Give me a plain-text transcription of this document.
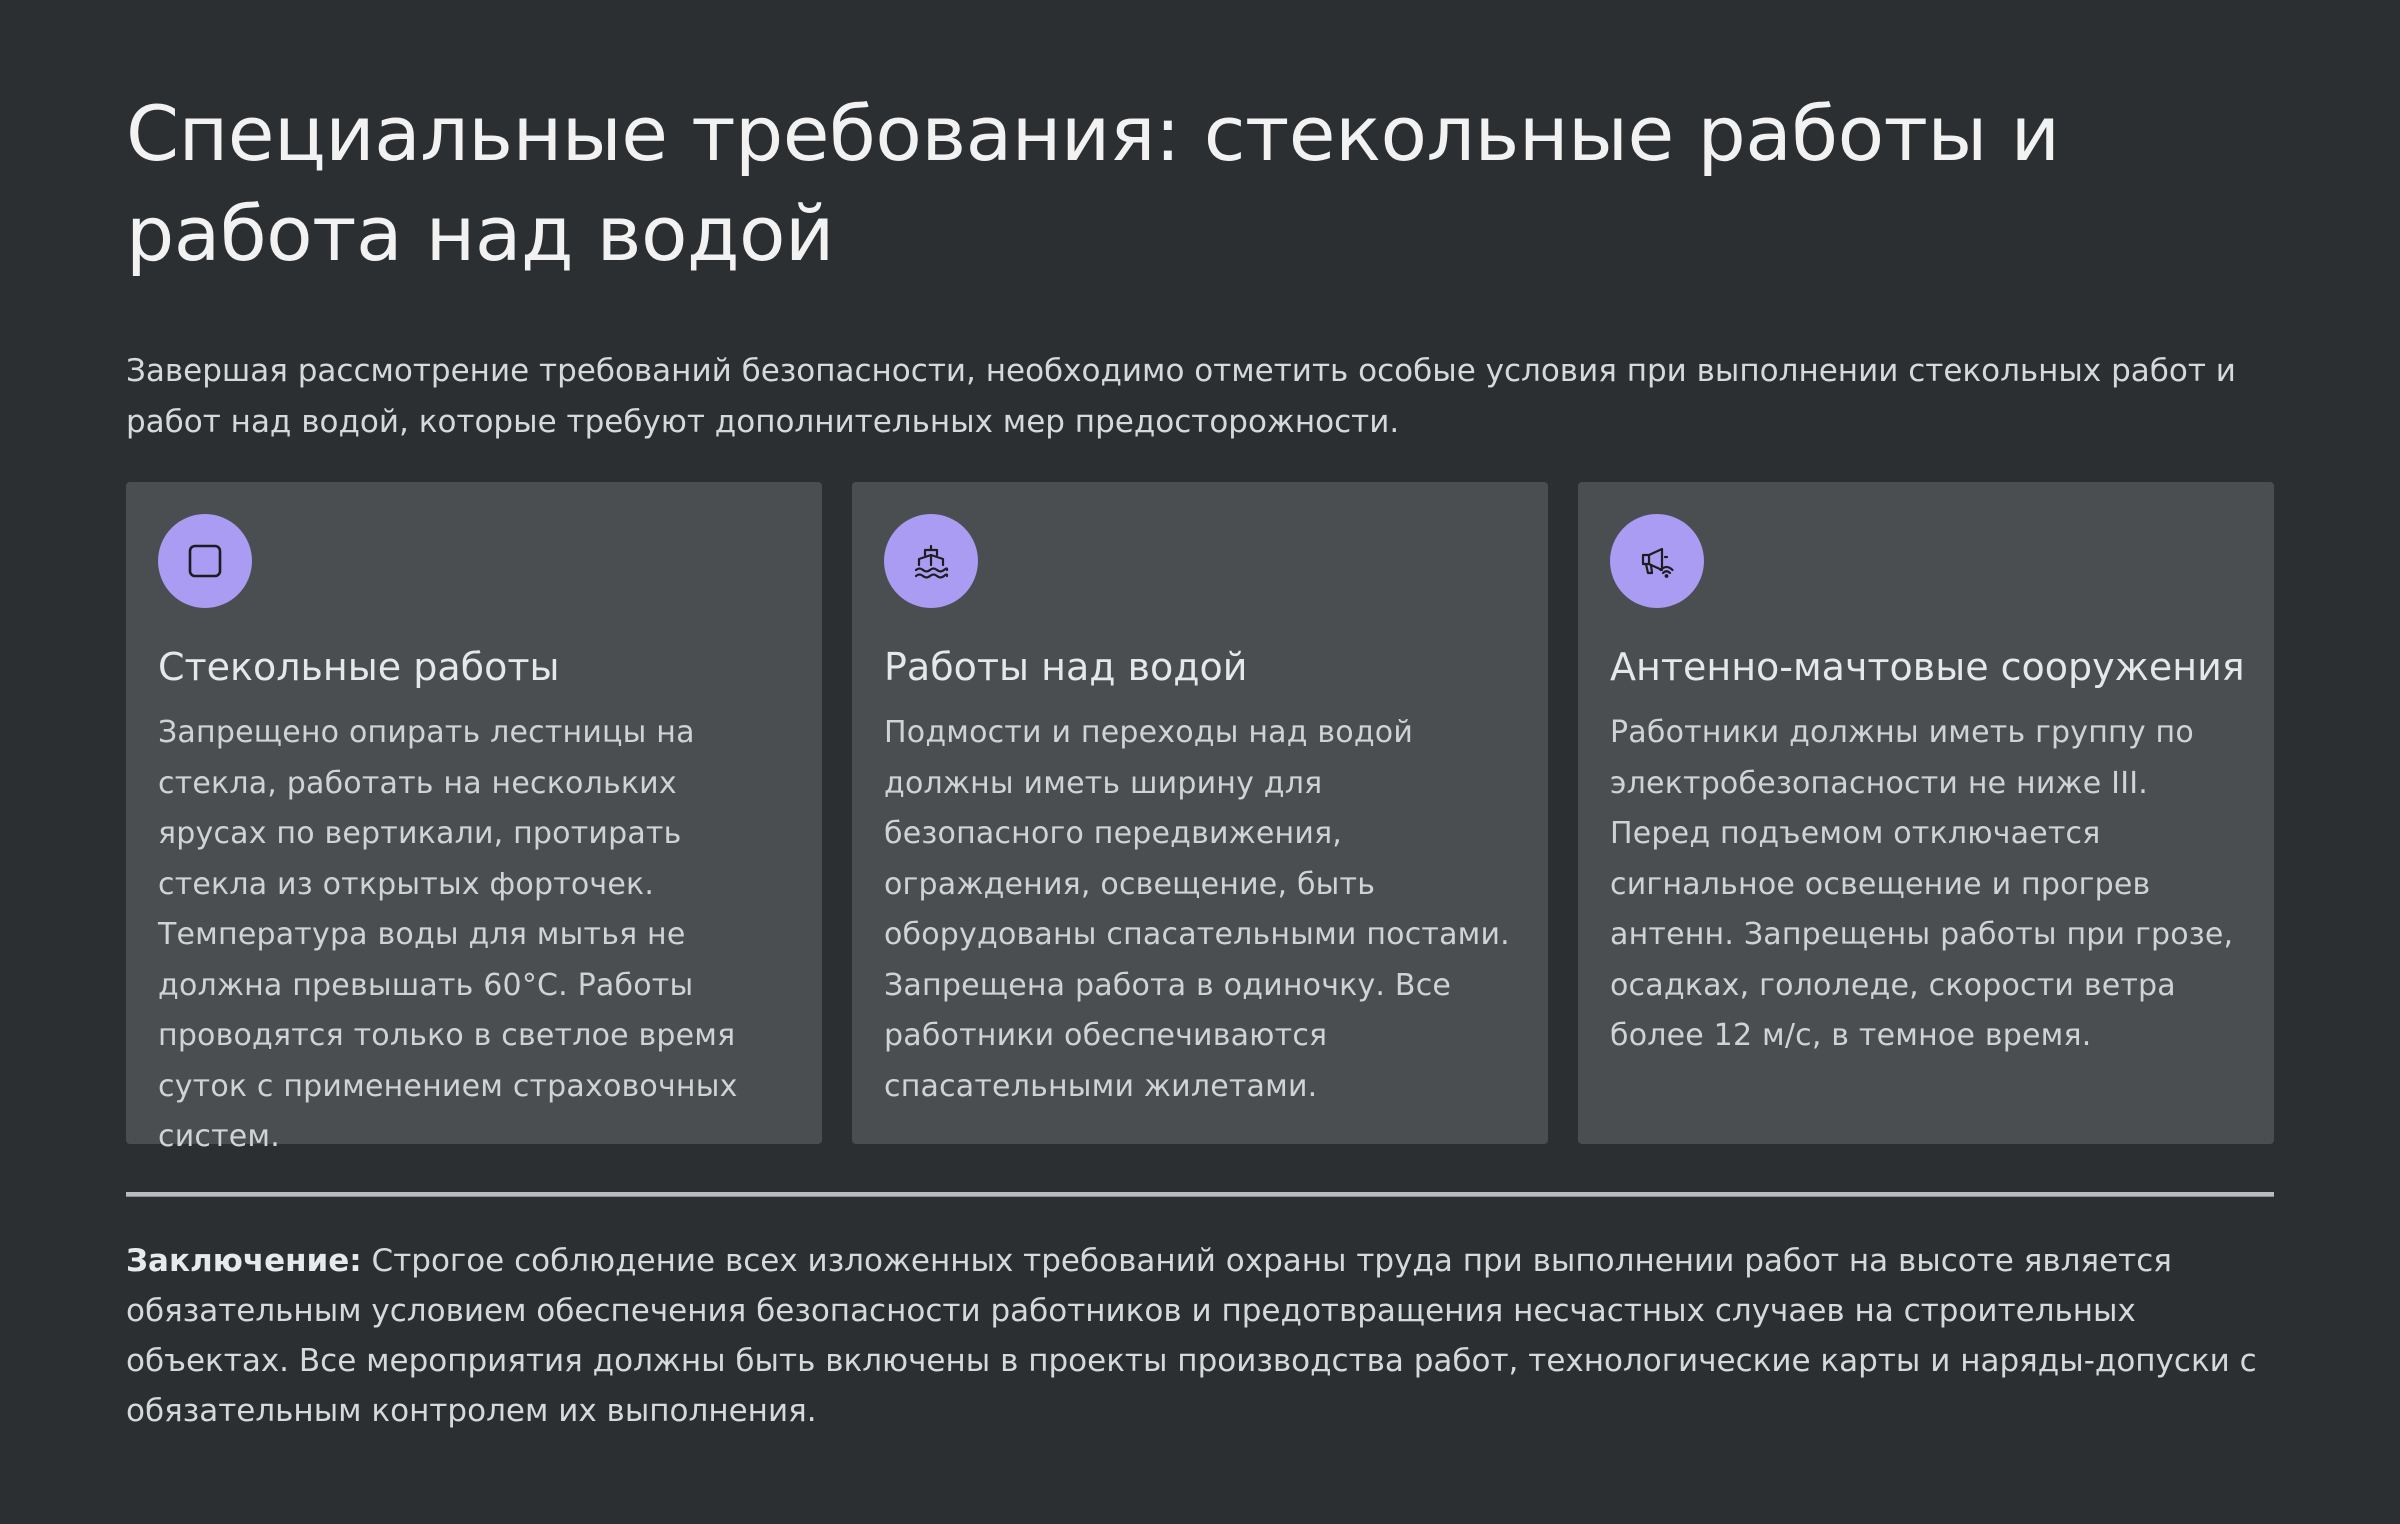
Специальные требования: стекольные работы и работа над водой

Завершая рассмотрение требований безопасности, необходимо отметить особые условия при выполнении стекольных работ и работ над водой, которые требуют дополнительных мер предосторожности.

Стекольные работы

Запрещено опирать лестницы на стекла, работать на нескольких ярусах по вертикали, протирать стекла из открытых форточек. Температура воды для мытья не должна превышать 60°C. Работы проводятся только в светлое время суток с применением страховочных систем.

Работы над водой

Подмости и переходы над водой должны иметь ширину для безопасного передвижения, ограждения, освещение, быть оборудованы спасательными постами. Запрещена работа в одиночку. Все работники обеспечиваются спасательными жилетами.

Антенно-мачтовые сооружения

Работники должны иметь группу по электробезопасности не ниже III. Перед подъемом отключается сигнальное освещение и прогрев антенн. Запрещены работы при грозе, осадках, гололеде, скорости ветра более 12 м/с, в темное время.

Заключение: Строгое соблюдение всех изложенных требований охраны труда при выполнении работ на высоте является обязательным условием обеспечения безопасности работников и предотвращения несчастных случаев на строительных объектах. Все мероприятия должны быть включены в проекты производства работ, технологические карты и наряды-допуски с обязательным контролем их выполнения.
